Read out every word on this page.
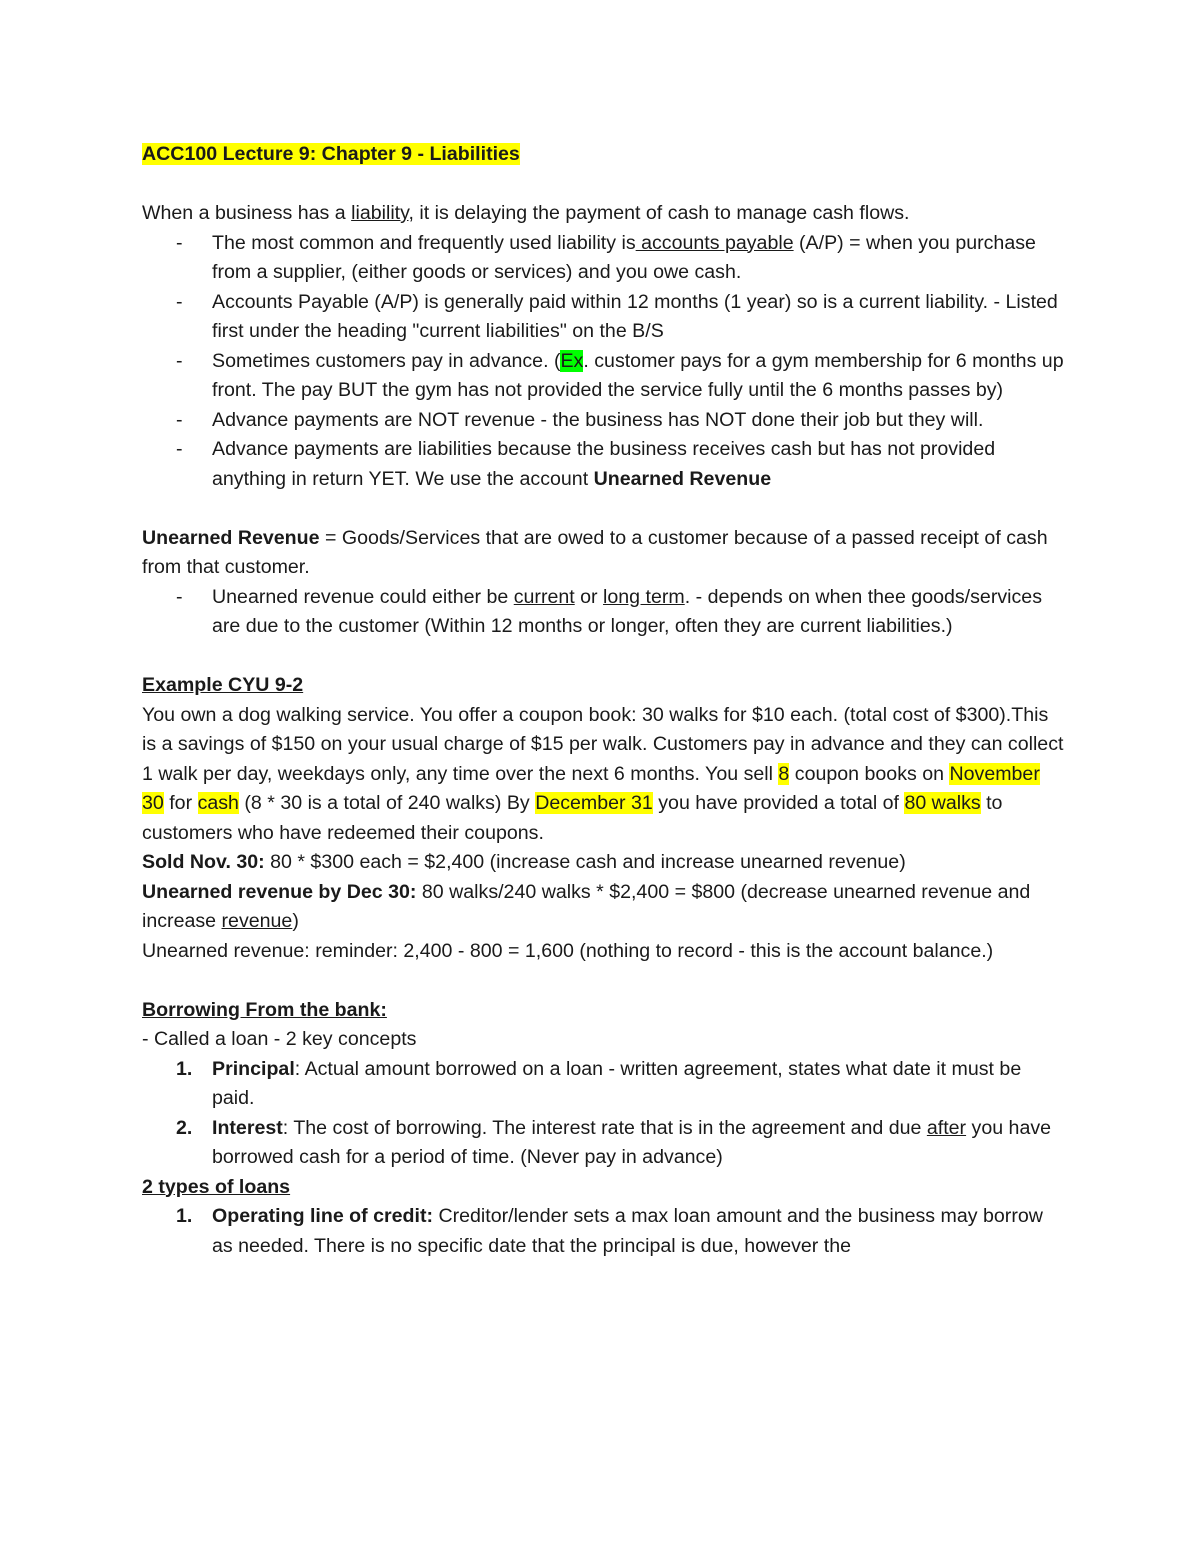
ACC100 Lecture 9: Chapter 9 - Liabilities

When a business has a liability, it is delaying the payment of cash to manage cash flows.

- The most common and frequently used liability is accounts payable (A/P) = when you purchase from a supplier, (either goods or services) and you owe cash.
- Accounts Payable (A/P) is generally paid within 12 months (1 year) so is a current liability. - Listed first under the heading "current liabilities" on the B/S
- Sometimes customers pay in advance. (Ex. customer pays for a gym membership for 6 months up front. The pay BUT the gym has not provided the service fully until the 6 months passes by)
- Advance payments are NOT revenue - the business has NOT done their job but they will.
- Advance payments are liabilities because the business receives cash but has not provided anything in return YET. We use the account Unearned Revenue

Unearned Revenue = Goods/Services that are owed to a customer because of a passed receipt of cash from that customer.

- Unearned revenue could either be current or long term. - depends on when thee goods/services are due to the customer (Within 12 months or longer, often they are current liabilities.)

Example CYU 9-2

You own a dog walking service. You offer a coupon book: 30 walks for $10 each. (total cost of $300).This is a savings of $150 on your usual charge of $15 per walk. Customers pay in advance and they can collect 1 walk per day, weekdays only, any time over the next 6 months. You sell 8 coupon books on November 30 for cash (8 * 30 is a total of 240 walks) By December 31 you have provided a total of 80 walks to customers who have redeemed their coupons.

Sold Nov. 30: 80 * $300 each = $2,400 (increase cash and increase unearned revenue)

Unearned revenue by Dec 30: 80 walks/240 walks * $2,400 = $800 (decrease unearned revenue and increase revenue)

Unearned revenue: reminder: 2,400 - 800 = 1,600 (nothing to record - this is the account balance.)

Borrowing From the bank:

- Called a loan - 2 key concepts

1. Principal: Actual amount borrowed on a loan - written agreement, states what date it must be paid.
2. Interest: The cost of borrowing. The interest rate that is in the agreement and due after you have borrowed cash for a period of time. (Never pay in advance)

2 types of loans

1. Operating line of credit: Creditor/lender sets a max loan amount and the business may borrow as needed. There is no specific date that the principal is due, however the
